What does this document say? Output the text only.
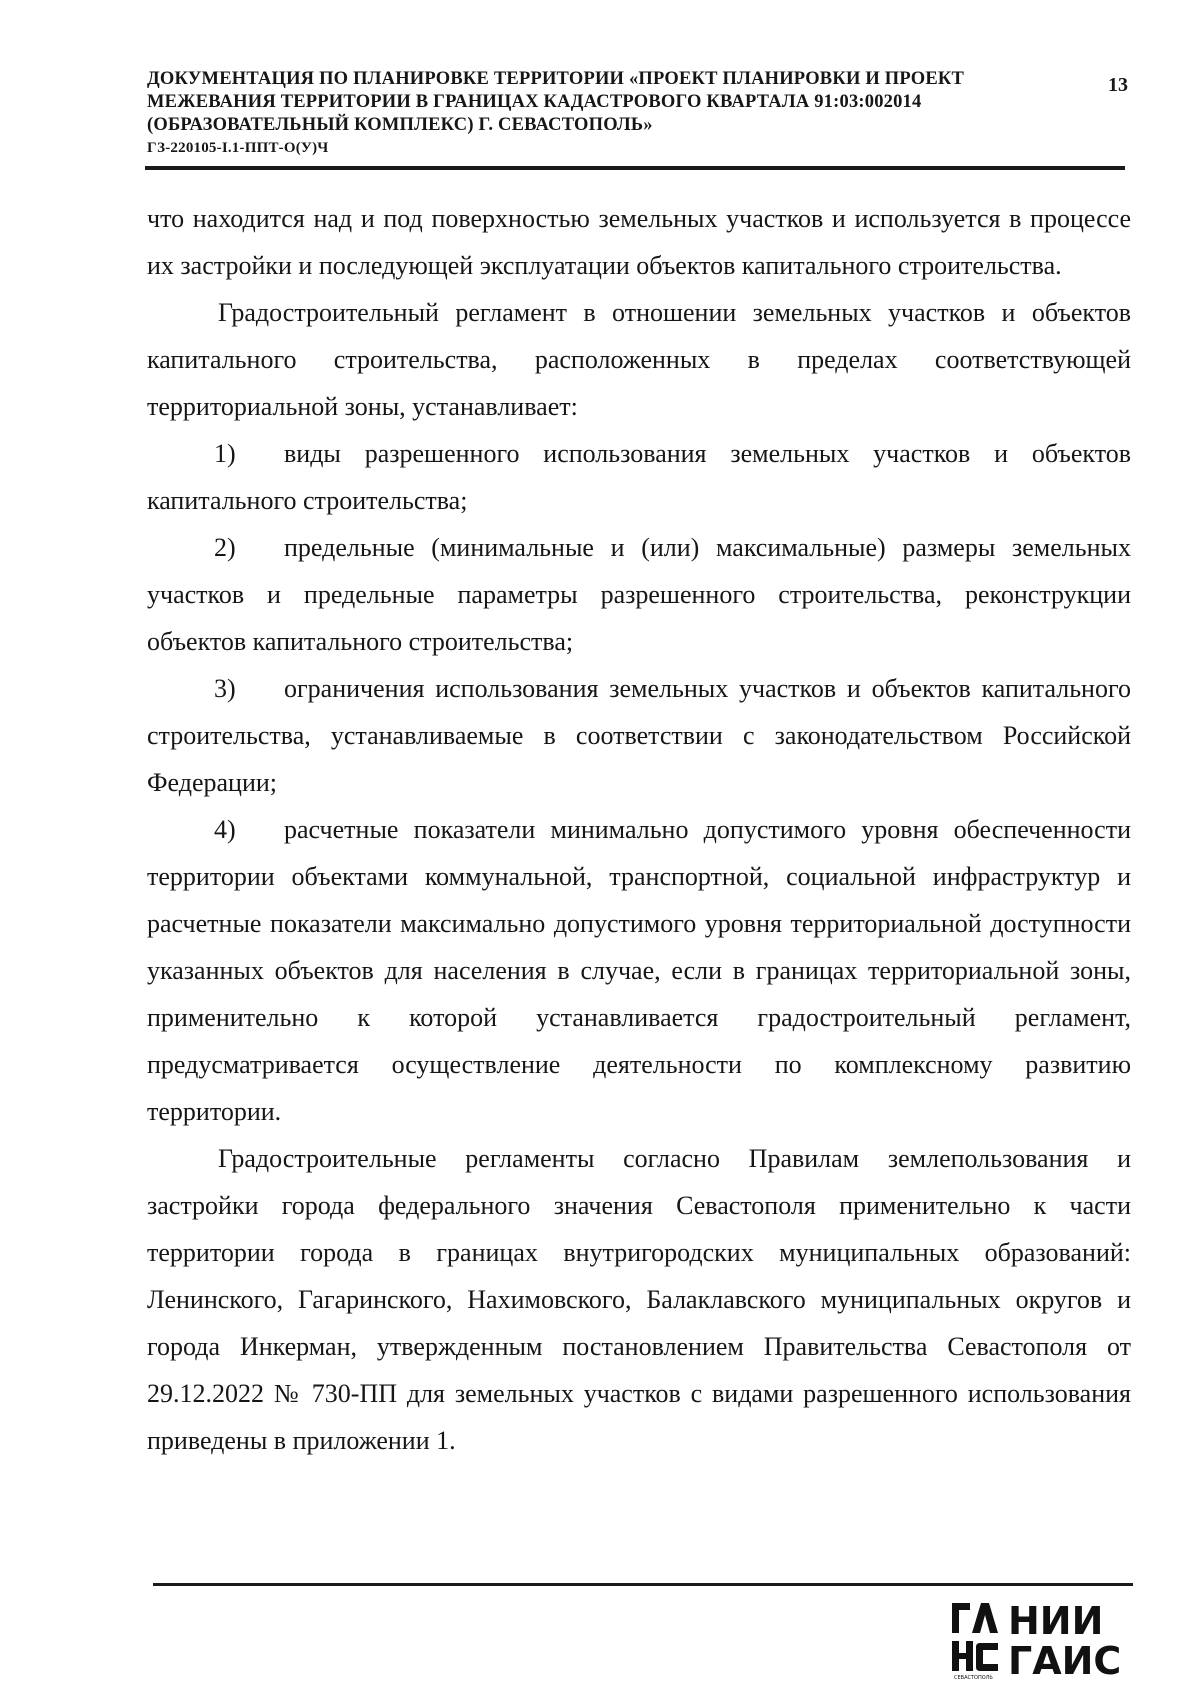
ДОКУМЕНТАЦИЯ ПО ПЛАНИРОВКЕ ТЕРРИТОРИИ «ПРОЕКТ ПЛАНИРОВКИ И ПРОЕКТ
МЕЖЕВАНИЯ ТЕРРИТОРИИ В ГРАНИЦАХ КАДАСТРОВОГО КВАРТАЛА 91:03:002014
(ОБРАЗОВАТЕЛЬНЫЙ КОМПЛЕКС) Г. СЕВАСТОПОЛЬ»
ГЗ-220105-I.1-ППТ-О(У)Ч
13

что находится над и под поверхностью земельных участков и используется в процессе их застройки и последующей эксплуатации объектов капитального строительства.

Градостроительный регламент в отношении земельных участков и объектов капитального строительства, расположенных в пределах соответствующей территориальной зоны, устанавливает:

1) виды разрешенного использования земельных участков и объектов капитального строительства;

2) предельные (минимальные и (или) максимальные) размеры земельных участков и предельные параметры разрешенного строительства, реконструкции объектов капитального строительства;

3) ограничения использования земельных участков и объектов капитального строительства, устанавливаемые в соответствии с законодательством Российской Федерации;

4) расчетные показатели минимально допустимого уровня обеспеченности территории объектами коммунальной, транспортной, социальной инфраструктур и расчетные показатели максимально допустимого уровня территориальной доступности указанных объектов для населения в случае, если в границах территориальной зоны, применительно к которой устанавливается градостроительный регламент, предусматривается осуществление деятельности по комплексному развитию территории.

Градостроительные регламенты согласно Правилам землепользования и застройки города федерального значения Севастополя применительно к части территории города в границах внутригородских муниципальных образований: Ленинского, Гагаринского, Нахимовского, Балаклавского муниципальных округов и города Инкерман, утвержденным постановлением Правительства Севастополя от 29.12.2022 № 730-ПП для земельных участков с видами разрешенного использования приведены в приложении 1.

НИИ
ГАИС
СЕВАСТОПОЛЬ
